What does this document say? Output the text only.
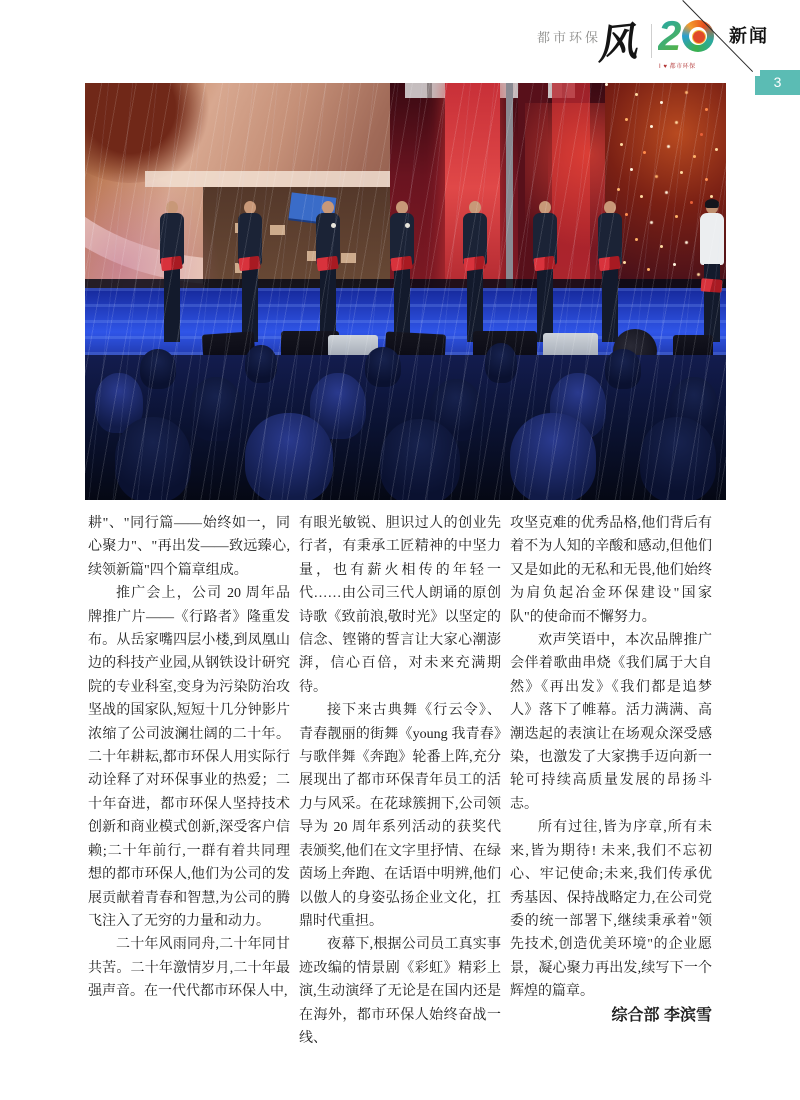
都市环保
风 2
I ♥ 都市环保
新闻
3

耕"、"同行篇——始终如一，同心聚力"、"再出发——致远臻心,续领新篇"四个篇章组成。

推广会上，公司 20 周年品牌推广片——《行路者》隆重发布。从岳家嘴四层小楼,到凤凰山边的科技产业园,从钢铁设计研究院的专业科室,变身为污染防治攻坚战的国家队,短短十几分钟影片浓缩了公司波澜壮阔的二十年。二十年耕耘,都市环保人用实际行动诠释了对环保事业的热爱；二十年奋进，都市环保人坚持技术创新和商业模式创新,深受客户信赖;二十年前行,一群有着共同理想的都市环保人,他们为公司的发展贡献着青春和智慧,为公司的腾飞注入了无穷的力量和动力。

二十年风雨同舟,二十年同甘共苦。二十年激情岁月,二十年最强声音。在一代代都市环保人中,

有眼光敏锐、胆识过人的创业先行者，有秉承工匠精神的中坚力量，也有薪火相传的年轻一代……由公司三代人朗诵的原创诗歌《致前浪,敬时光》以坚定的信念、铿锵的誓言让大家心潮澎湃，信心百倍，对未来充满期待。

接下来古典舞《行云令》、青春靓丽的街舞《young 我青春》与歌伴舞《奔跑》轮番上阵,充分展现出了都市环保青年员工的活力与风采。在花球簇拥下,公司领导为 20 周年系列活动的获奖代表颁奖,他们在文字里抒情、在绿茵场上奔跑、在话语中明辨,他们以傲人的身姿弘扬企业文化，扛鼎时代重担。

夜幕下,根据公司员工真实事迹改编的情景剧《彩虹》精彩上演,生动演绎了无论是在国内还是在海外，都市环保人始终奋战一线、

攻坚克难的优秀品格,他们背后有着不为人知的辛酸和感动,但他们又是如此的无私和无畏,他们始终为肩负起冶金环保建设"国家队"的使命而不懈努力。

欢声笑语中，本次品牌推广会伴着歌曲串烧《我们属于大自然》《再出发》《我们都是追梦人》落下了帷幕。活力满满、高潮迭起的表演让在场观众深受感染，也激发了大家携手迈向新一轮可持续高质量发展的昂扬斗志。

所有过往,皆为序章,所有未来,皆为期待! 未来,我们不忘初心、牢记使命;未来,我们传承优秀基因、保持战略定力,在公司党委的统一部署下,继续秉承着"领先技术,创造优美环境"的企业愿景，凝心聚力再出发,续写下一个辉煌的篇章。

综合部 李滨雪
